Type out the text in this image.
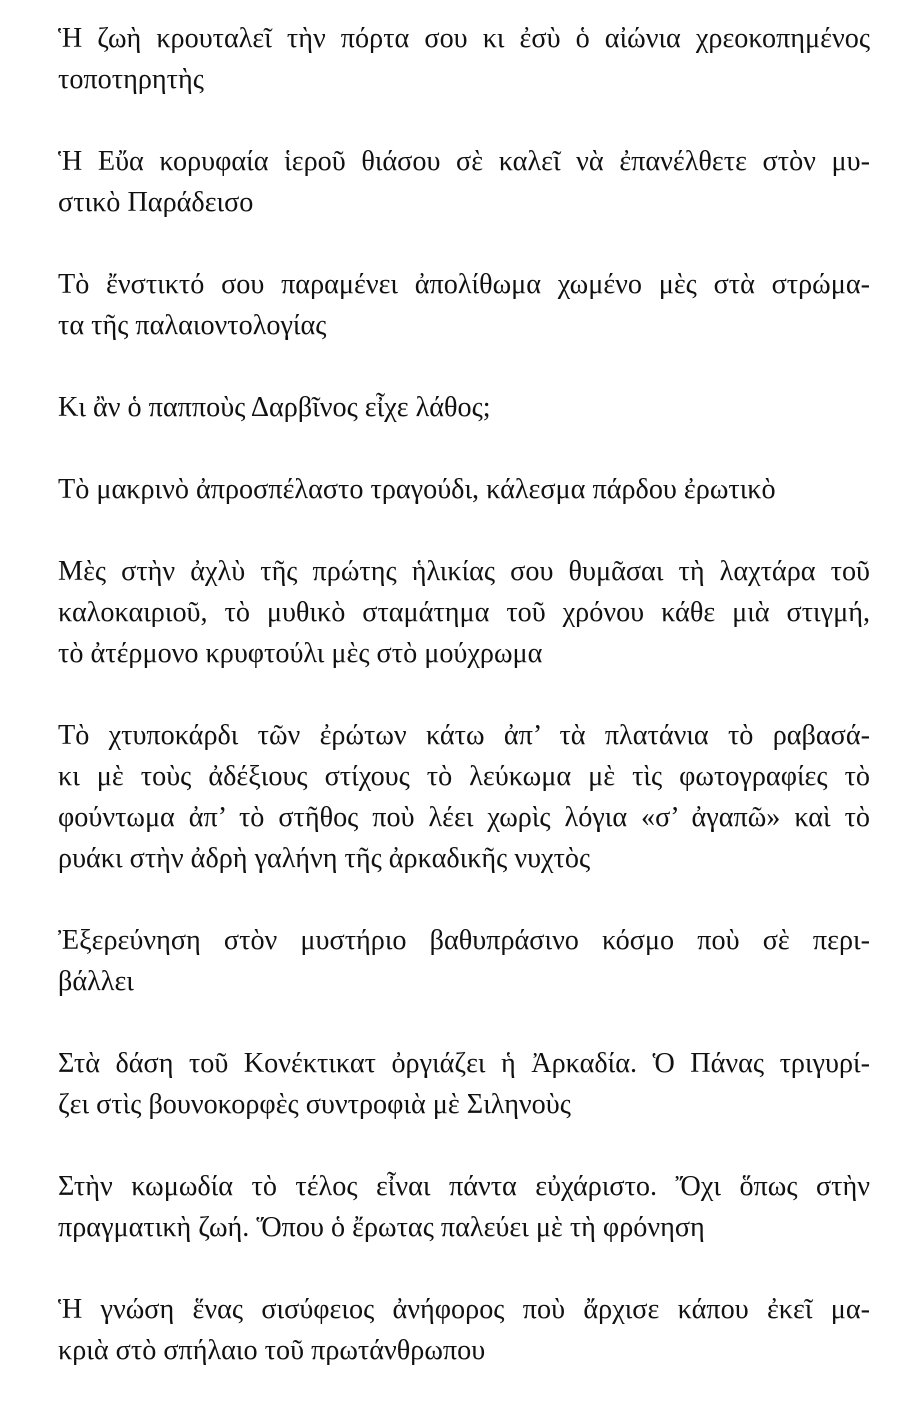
Ἡ ζωὴ κρουταλεῖ τὴν πόρτα σου κι ἐσὺ ὁ αἰώνια χρεοκοπημένος
τοποτηρητὴς
Ἡ Εὔα κορυφαία ἱεροῦ θιάσου σὲ καλεῖ νὰ ἐπανέλθετε στὸν μυ-
στικὸ Παράδεισο
Τὸ ἔνστικτό σου παραμένει ἀπολίθωμα χωμένο μὲς στὰ στρώμα-
τα τῆς παλαιοντολογίας
Κι ἂν ὁ παπποὺς Δαρβῖνος εἶχε λάθος;
Τὸ μακρινὸ ἀπροσπέλαστο τραγούδι, κάλεσμα πάρδου ἐρωτικὸ
Μὲς στὴν ἀχλὺ τῆς πρώτης ἡλικίας σου θυμᾶσαι τὴ λαχτάρα τοῦ
καλοκαιριοῦ, τὸ μυθικὸ σταμάτημα τοῦ χρόνου κάθε μιὰ στιγμή,
τὸ ἀτέρμονο κρυφτούλι μὲς στὸ μούχρωμα
Τὸ χτυποκάρδι τῶν ἐρώτων κάτω ἀπ’ τὰ πλατάνια τὸ ραβασά-
κι μὲ τοὺς ἀδέξιους στίχους τὸ λεύκωμα μὲ τὶς φωτογραφίες τὸ
φούντωμα ἀπ’ τὸ στῆθος ποὺ λέει χωρὶς λόγια «σ’ ἀγαπῶ» καὶ τὸ
ρυάκι στὴν ἀδρὴ γαλήνη τῆς ἀρκαδικῆς νυχτὸς
Ἐξερεύνηση στὸν μυστήριο βαθυπράσινο κόσμο ποὺ σὲ περι-
βάλλει
Στὰ δάση τοῦ Κονέκτικατ ὀργιάζει ἡ Ἀρκαδία. Ὁ Πάνας τριγυρί-
ζει στὶς βουνοκορφὲς συντροφιὰ μὲ Σιληνοὺς
Στὴν κωμωδία τὸ τέλος εἶναι πάντα εὐχάριστο. Ὄχι ὅπως στὴν
πραγματικὴ ζωή. Ὅπου ὁ ἔρωτας παλεύει μὲ τὴ φρόνηση
Ἡ γνώση ἕνας σισύφειος ἀνήφορος ποὺ ἄρχισε κάπου ἐκεῖ μα-
κριὰ στὸ σπήλαιο τοῦ πρωτάνθρωπου
